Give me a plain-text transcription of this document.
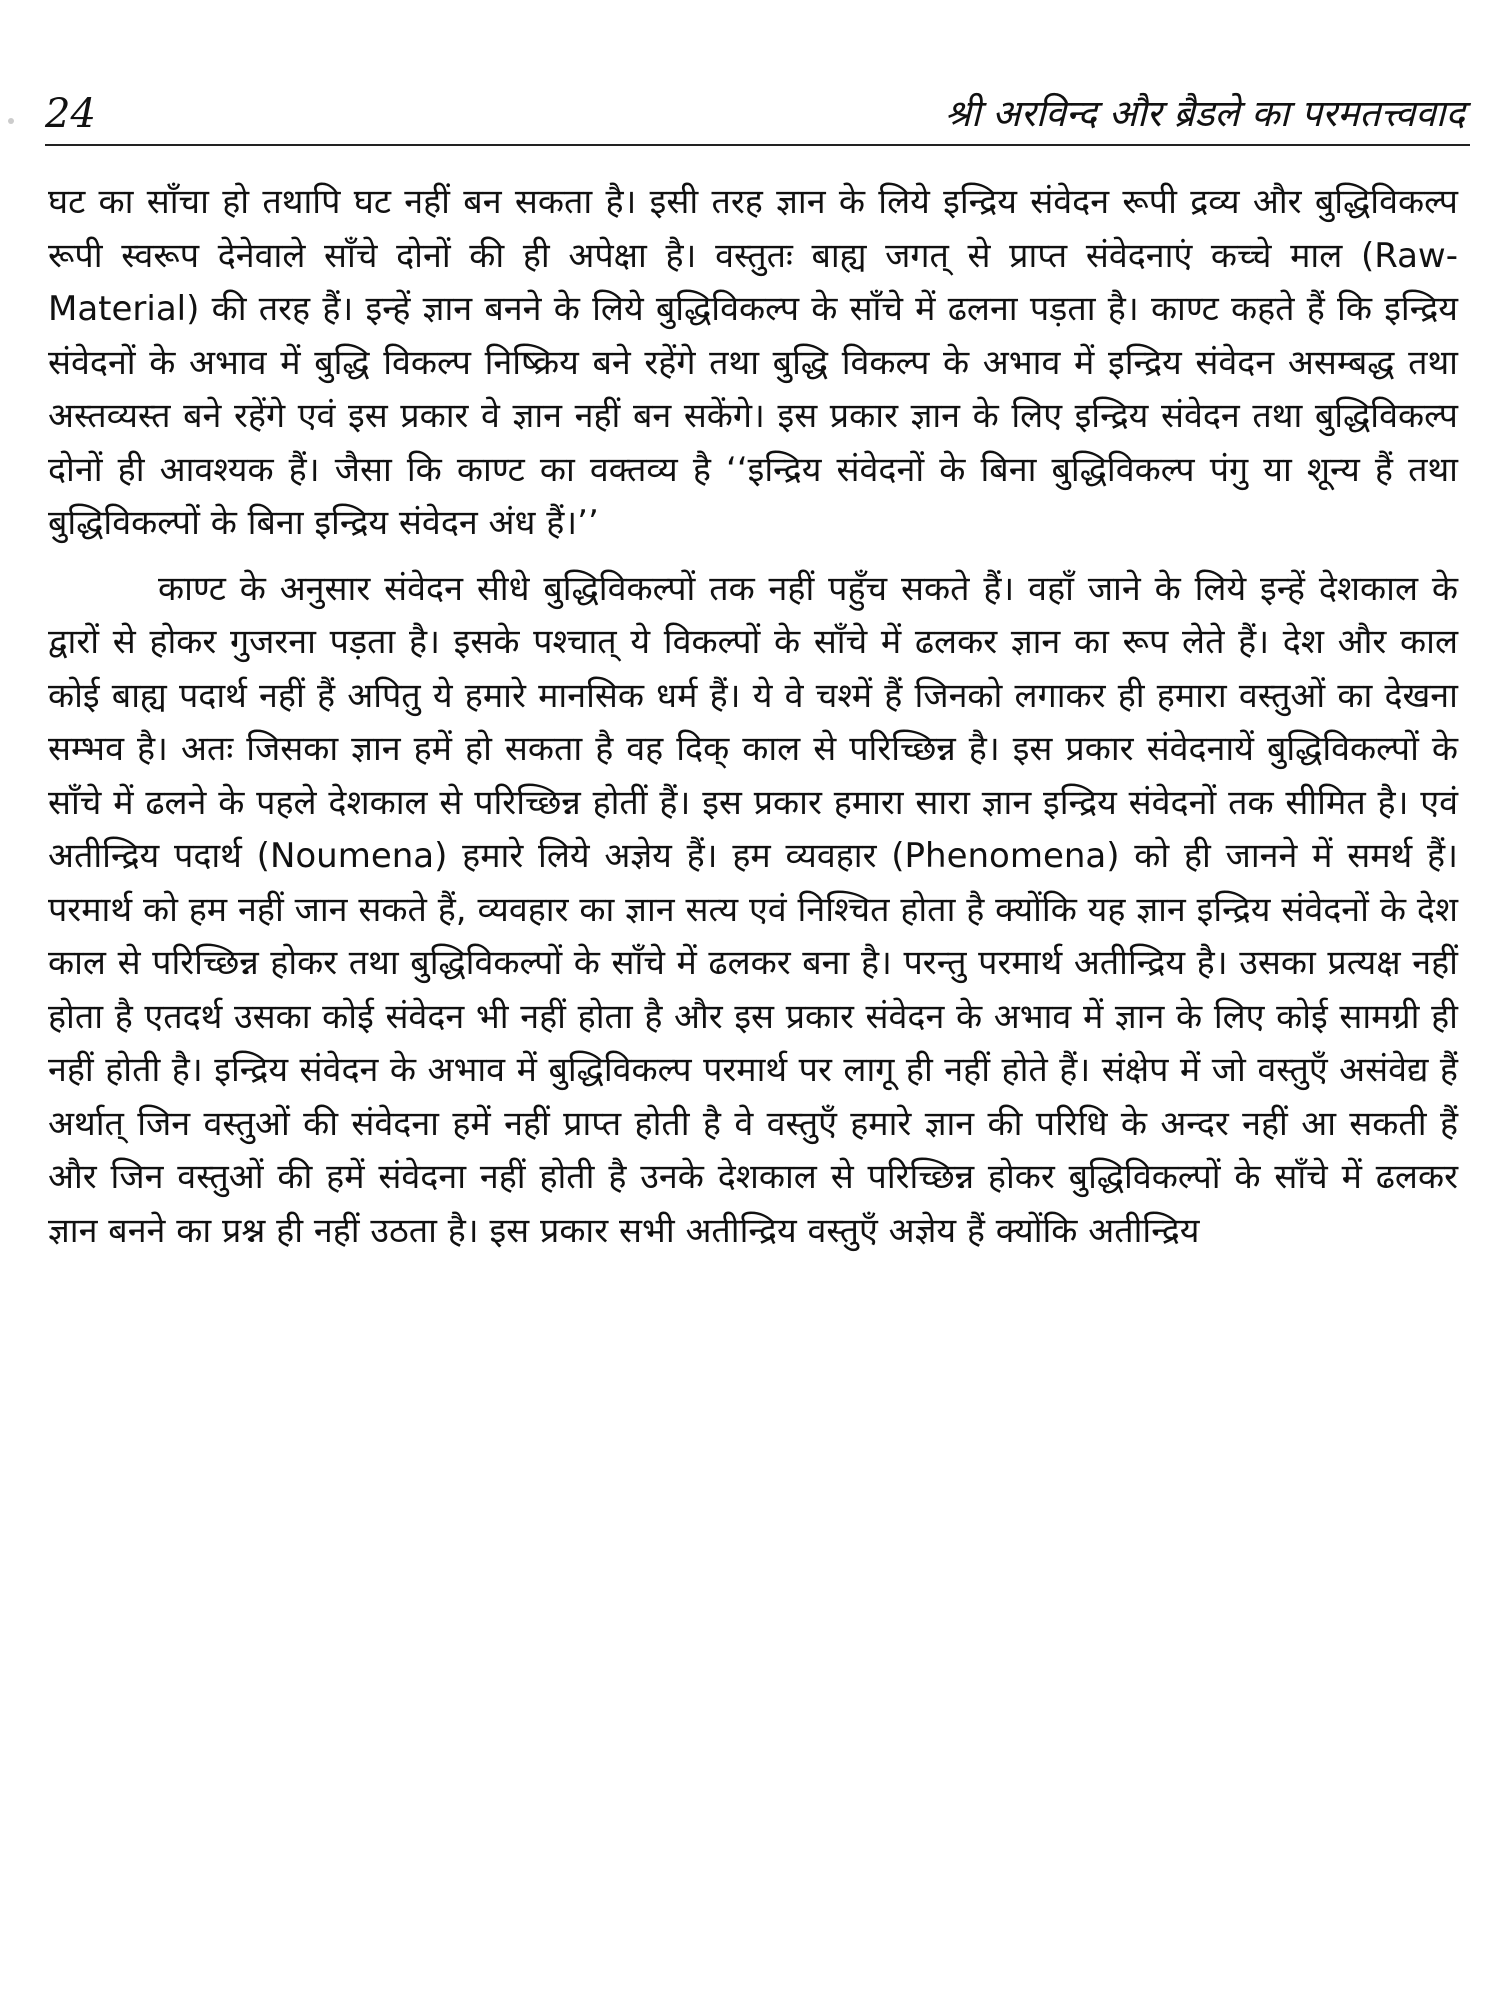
24	श्री अरविन्द और ब्रैडले का परमतत्त्ववाद

घट का साँचा हो तथापि घट नहीं बन सकता है। इसी तरह ज्ञान के लिये इन्द्रिय संवेदन रूपी द्रव्य और बुद्धिविकल्प रूपी स्वरूप देनेवाले साँचे दोनों की ही अपेक्षा है। वस्तुतः बाह्य जगत् से प्राप्त संवेदनाएं कच्चे माल (Raw-Material) की तरह हैं। इन्हें ज्ञान बनने के लिये बुद्धिविकल्प के साँचे में ढलना पड़ता है। काण्ट कहते हैं कि इन्द्रिय संवेदनों के अभाव में बुद्धि विकल्प निष्क्रिय बने रहेंगे तथा बुद्धि विकल्प के अभाव में इन्द्रिय संवेदन असम्बद्ध तथा अस्तव्यस्त बने रहेंगे एवं इस प्रकार वे ज्ञान नहीं बन सकेंगे। इस प्रकार ज्ञान के लिए इन्द्रिय संवेदन तथा बुद्धिविकल्प दोनों ही आवश्यक हैं। जैसा कि काण्ट का वक्तव्य है ‘‘इन्द्रिय संवेदनों के बिना बुद्धिविकल्प पंगु या शून्य हैं तथा बुद्धिविकल्पों के बिना इन्द्रिय संवेदन अंध हैं।’’

काण्ट के अनुसार संवेदन सीधे बुद्धिविकल्पों तक नहीं पहुँच सकते हैं। वहाँ जाने के लिये इन्हें देशकाल के द्वारों से होकर गुजरना पड़ता है। इसके पश्चात् ये विकल्पों के साँचे में ढलकर ज्ञान का रूप लेते हैं। देश और काल कोई बाह्य पदार्थ नहीं हैं अपितु ये हमारे मानसिक धर्म हैं। ये वे चश्में हैं जिनको लगाकर ही हमारा वस्तुओं का देखना सम्भव है। अतः जिसका ज्ञान हमें हो सकता है वह दिक् काल से परिच्छिन्न है। इस प्रकार संवेदनायें बुद्धिविकल्पों के साँचे में ढलने के पहले देशकाल से परिच्छिन्न होतीं हैं। इस प्रकार हमारा सारा ज्ञान इन्द्रिय संवेदनों तक सीमित है। एवं अतीन्द्रिय पदार्थ (Noumena) हमारे लिये अज्ञेय हैं। हम व्यवहार (Phenomena) को ही जानने में समर्थ हैं। परमार्थ को हम नहीं जान सकते हैं, व्यवहार का ज्ञान सत्य एवं निश्चित होता है क्योंकि यह ज्ञान इन्द्रिय संवेदनों के देश काल से परिच्छिन्न होकर तथा बुद्धिविकल्पों के साँचे में ढलकर बना है। परन्तु परमार्थ अतीन्द्रिय है। उसका प्रत्यक्ष नहीं होता है एतदर्थ उसका कोई संवेदन भी नहीं होता है और इस प्रकार संवेदन के अभाव में ज्ञान के लिए कोई सामग्री ही नहीं होती है। इन्द्रिय संवेदन के अभाव में बुद्धिविकल्प परमार्थ पर लागू ही नहीं होते हैं। संक्षेप में जो वस्तुएँ असंवेद्य हैं अर्थात् जिन वस्तुओं की संवेदना हमें नहीं प्राप्त होती है वे वस्तुएँ हमारे ज्ञान की परिधि के अन्दर नहीं आ सकती हैं और जिन वस्तुओं की हमें संवेदना नहीं होती है उनके देशकाल से परिच्छिन्न होकर बुद्धिविकल्पों के साँचे में ढलकर ज्ञान बनने का प्रश्न ही नहीं उठता है। इस प्रकार सभी अतीन्द्रिय वस्तुएँ अज्ञेय हैं क्योंकि अतीन्द्रिय
